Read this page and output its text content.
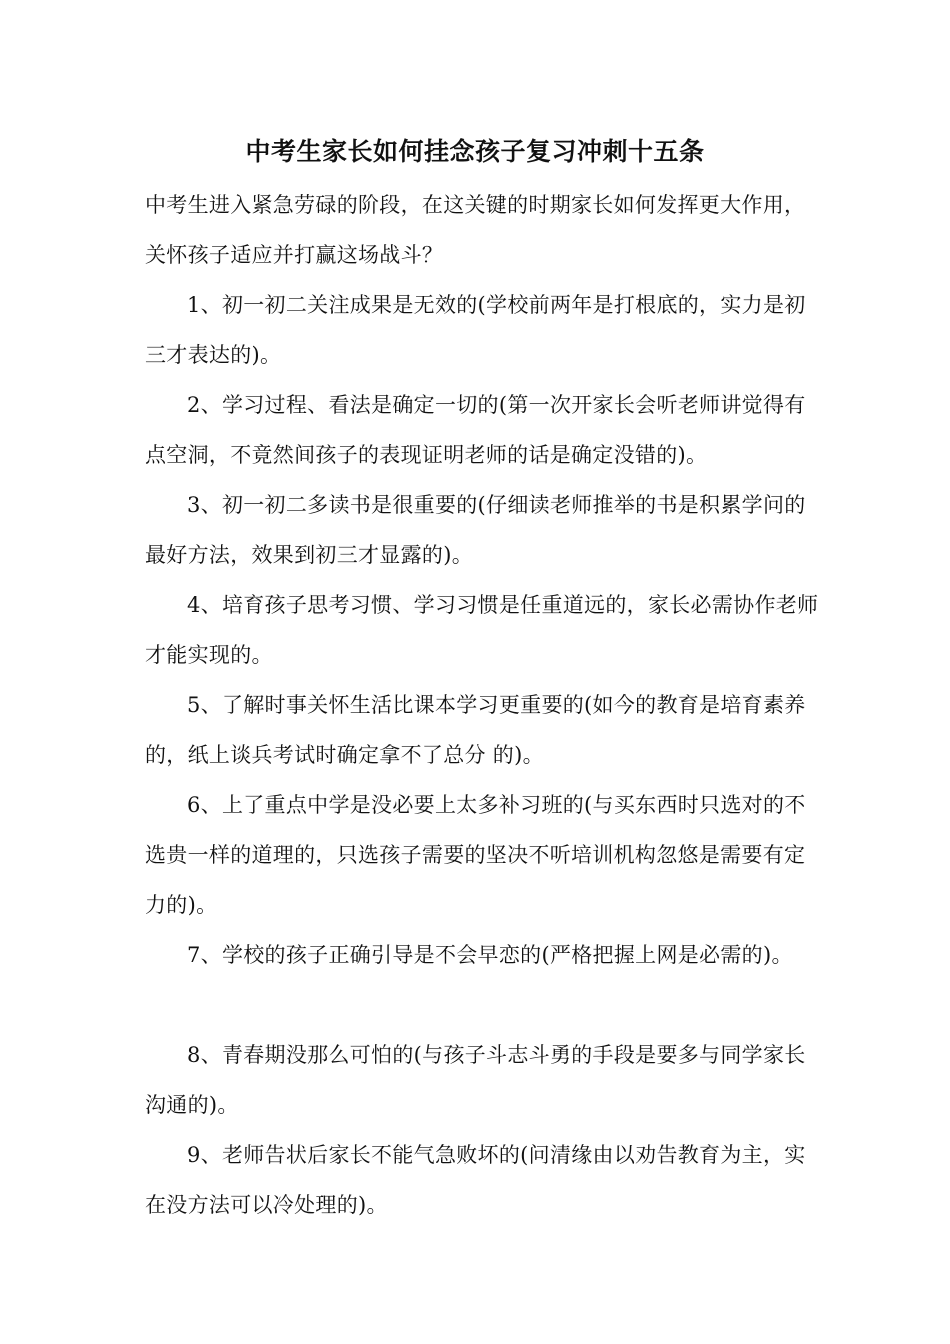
中考生家长如何挂念孩子复习冲刺十五条

中考生进入紧急劳碌的阶段，在这关键的时期家长如何发挥更大作用，关怀孩子适应并打赢这场战斗？

1、初一初二关注成果是无效的(学校前两年是打根底的，实力是初三才表达的)。

2、学习过程、看法是确定一切的(第一次开家长会听老师讲觉得有点空洞，不竟然间孩子的表现证明老师的话是确定没错的)。

3、初一初二多读书是很重要的(仔细读老师推举的书是积累学问的最好方法，效果到初三才显露的)。

4、培育孩子思考习惯、学习习惯是任重道远的，家长必需协作老师才能实现的。

5、了解时事关怀生活比课本学习更重要的(如今的教育是培育素养的，纸上谈兵考试时确定拿不了总分 的)。

6、上了重点中学是没必要上太多补习班的(与买东西时只选对的不选贵一样的道理的，只选孩子需要的坚决不听培训机构忽悠是需要有定力的)。

7、学校的孩子正确引导是不会早恋的(严格把握上网是必需的)。

8、青春期没那么可怕的(与孩子斗志斗勇的手段是要多与同学家长沟通的)。

9、老师告状后家长不能气急败坏的(问清缘由以劝告教育为主，实在没方法可以冷处理的)。
